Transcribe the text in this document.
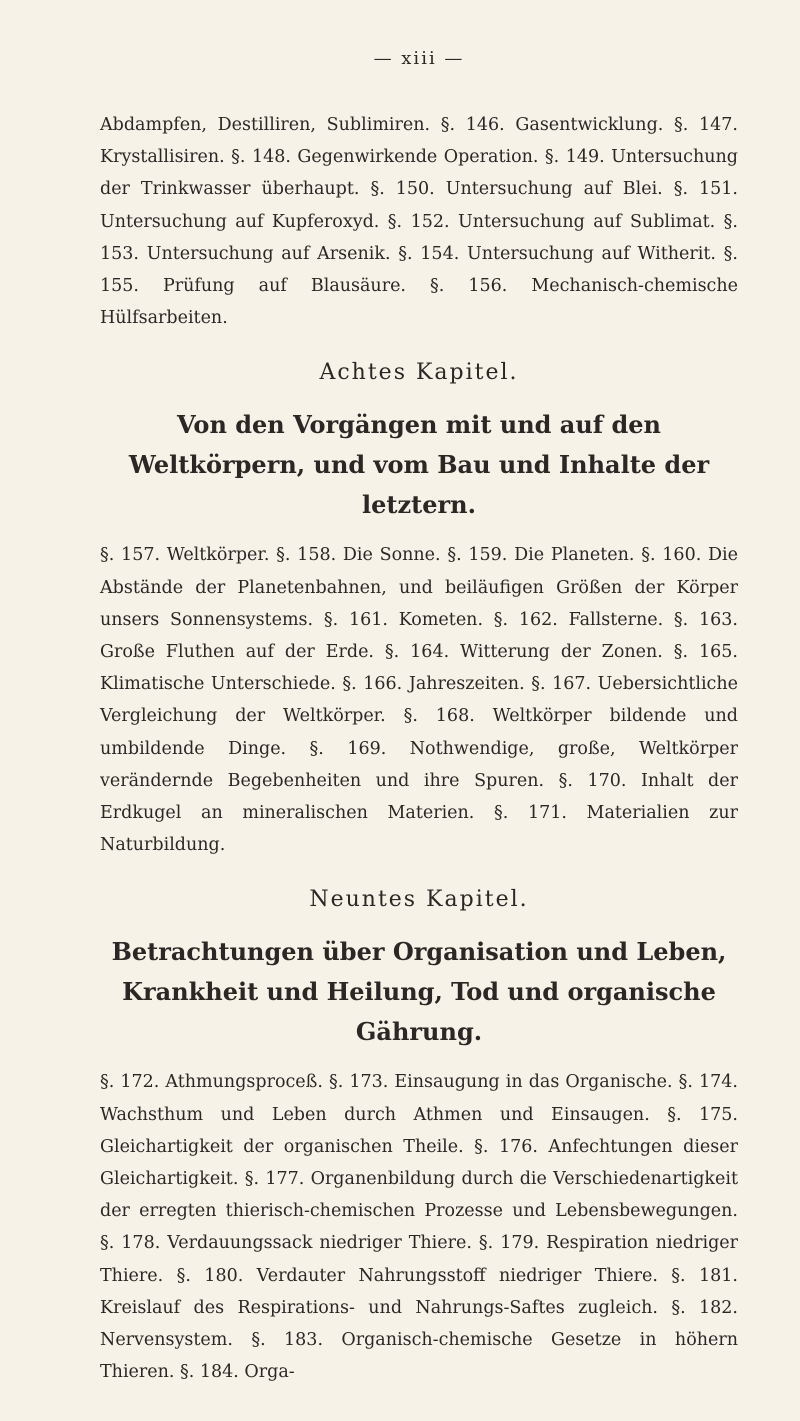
— xiii —

Abdampfen, Destilliren, Sublimiren. §. 146. Gasentwicklung. §. 147. Krystallisiren. §. 148. Gegenwirkende Operation. §. 149. Untersuchung der Trinkwasser überhaupt. §. 150. Untersuchung auf Blei. §. 151. Untersuchung auf Kupferoxyd. §. 152. Untersuchung auf Sublimat. §. 153. Untersuchung auf Arsenik. §. 154. Untersuchung auf Witherit. §. 155. Prüfung auf Blausäure. §. 156. Mechanisch-chemische Hülfsarbeiten.

Achtes Kapitel.
Von den Vorgängen mit und auf den Weltkörpern, und vom Bau und Inhalte der letztern.

§. 157. Weltkörper. §. 158. Die Sonne. §. 159. Die Planeten. §. 160. Die Abstände der Planetenbahnen, und beiläufigen Größen der Körper unsers Sonnensystems. §. 161. Kometen. §. 162. Fallsterne. §. 163. Große Fluthen auf der Erde. §. 164. Witterung der Zonen. §. 165. Klimatische Unterschiede. §. 166. Jahreszeiten. §. 167. Uebersichtliche Vergleichung der Weltkörper. §. 168. Weltkörper bildende und umbildende Dinge. §. 169. Nothwendige, große, Weltkörper verändernde Begebenheiten und ihre Spuren. §. 170. Inhalt der Erdkugel an mineralischen Materien. §. 171. Materialien zur Naturbildung.

Neuntes Kapitel.
Betrachtungen über Organisation und Leben, Krankheit und Heilung, Tod und organische Gährung.

§. 172. Athmungsproceß. §. 173. Einsaugung in das Organische. §. 174. Wachsthum und Leben durch Athmen und Einsaugen. §. 175. Gleichartigkeit der organischen Theile. §. 176. Anfechtungen dieser Gleichartigkeit. §. 177. Organenbildung durch die Verschiedenartigkeit der erregten thierisch-chemischen Prozesse und Lebensbewegungen. §. 178. Verdauungssack niedriger Thiere. §. 179. Respiration niedriger Thiere. §. 180. Verdauter Nahrungsstoff niedriger Thiere. §. 181. Kreislauf des Respirations- und Nahrungs-Saftes zugleich. §. 182. Nervensystem. §. 183. Organisch-chemische Gesetze in höhern Thieren. §. 184. Orga-
